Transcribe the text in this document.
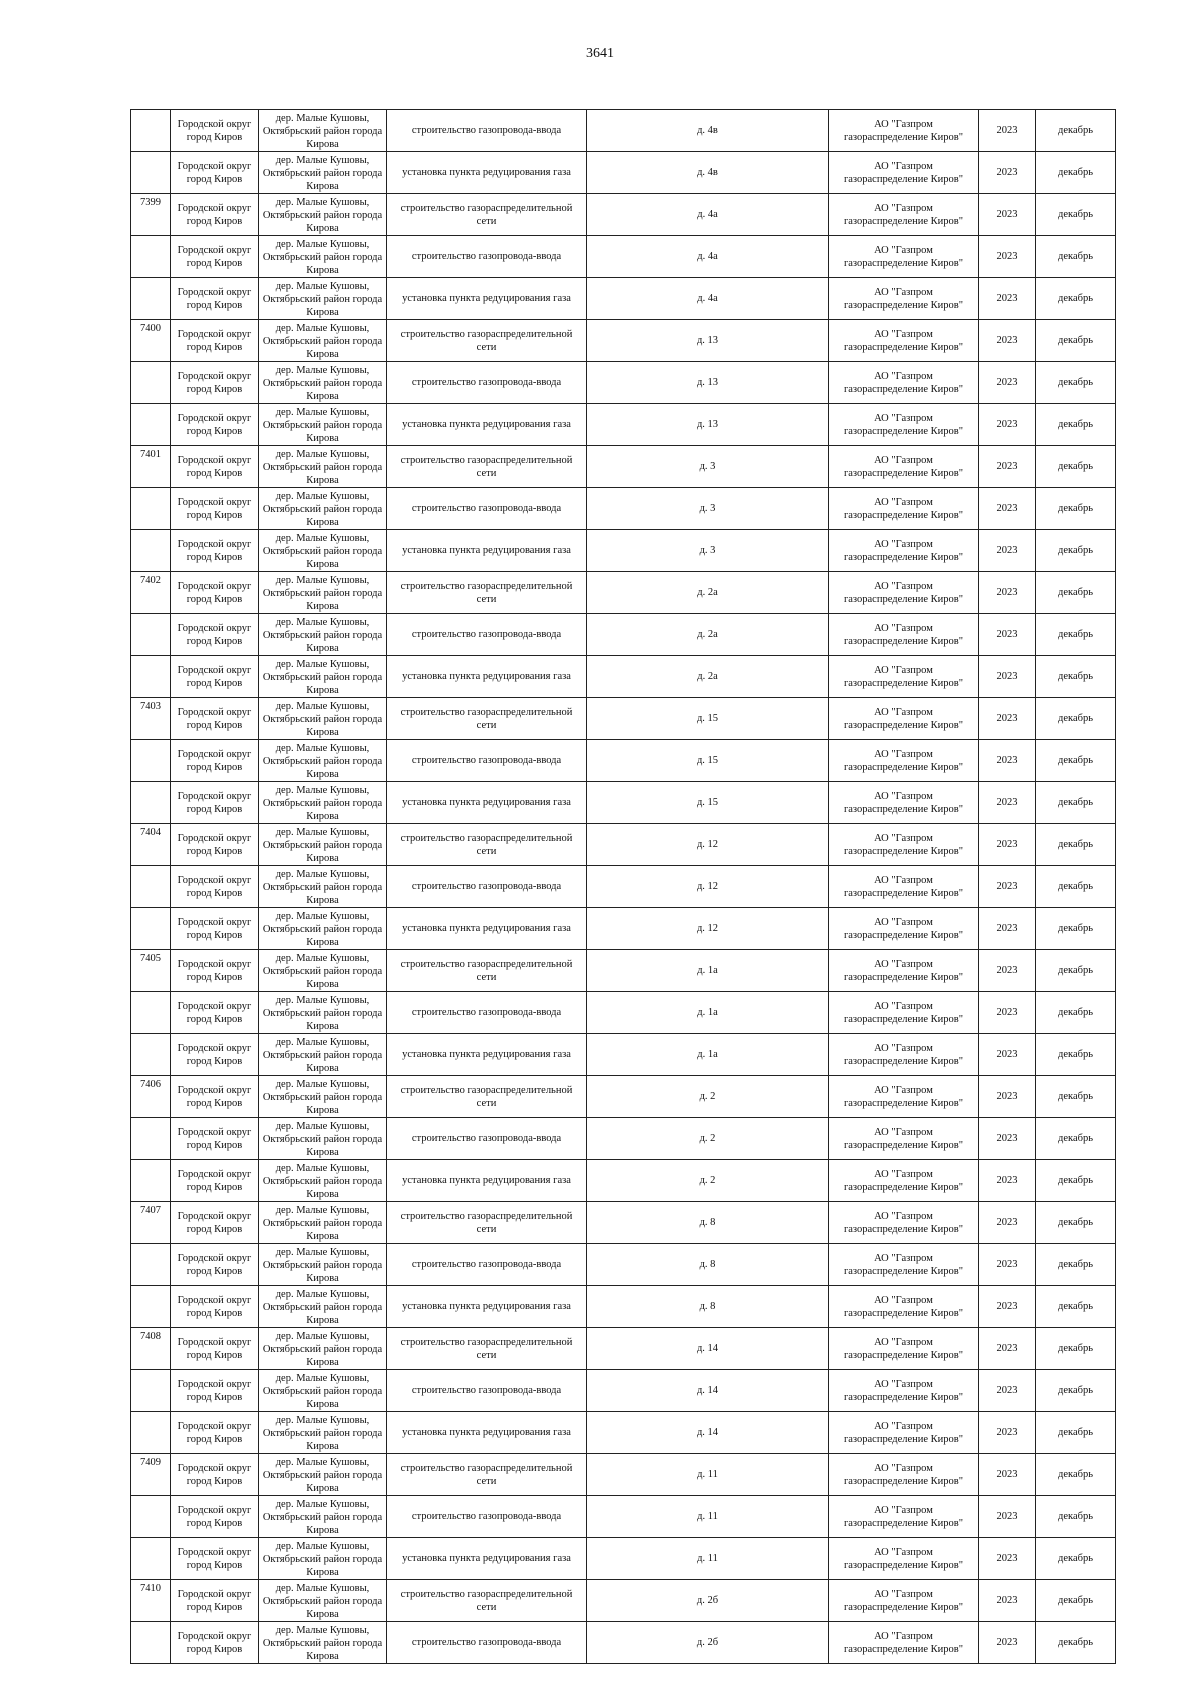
3641

	Городской округ город Киров	дер. Малые Кушовы, Октябрьский район города Кирова	строительство газопровода-ввода	д. 4в	АО "Газпром газораспределение Киров"	2023	декабрь

	Городской округ город Киров	дер. Малые Кушовы, Октябрьский район города Кирова	установка пункта редуцирования газа	д. 4в	АО "Газпром газораспределение Киров"	2023	декабрь

7399	Городской округ город Киров	дер. Малые Кушовы, Октябрьский район города Кирова	строительство газораспределительной сети	д. 4а	АО "Газпром газораспределение Киров"	2023	декабрь

	Городской округ город Киров	дер. Малые Кушовы, Октябрьский район города Кирова	строительство газопровода-ввода	д. 4а	АО "Газпром газораспределение Киров"	2023	декабрь

	Городской округ город Киров	дер. Малые Кушовы, Октябрьский район города Кирова	установка пункта редуцирования газа	д. 4а	АО "Газпром газораспределение Киров"	2023	декабрь

7400	Городской округ город Киров	дер. Малые Кушовы, Октябрьский район города Кирова	строительство газораспределительной сети	д. 13	АО "Газпром газораспределение Киров"	2023	декабрь

	Городской округ город Киров	дер. Малые Кушовы, Октябрьский район города Кирова	строительство газопровода-ввода	д. 13	АО "Газпром газораспределение Киров"	2023	декабрь

	Городской округ город Киров	дер. Малые Кушовы, Октябрьский район города Кирова	установка пункта редуцирования газа	д. 13	АО "Газпром газораспределение Киров"	2023	декабрь

7401	Городской округ город Киров	дер. Малые Кушовы, Октябрьский район города Кирова	строительство газораспределительной сети	д. 3	АО "Газпром газораспределение Киров"	2023	декабрь

	Городской округ город Киров	дер. Малые Кушовы, Октябрьский район города Кирова	строительство газопровода-ввода	д. 3	АО "Газпром газораспределение Киров"	2023	декабрь

	Городской округ город Киров	дер. Малые Кушовы, Октябрьский район города Кирова	установка пункта редуцирования газа	д. 3	АО "Газпром газораспределение Киров"	2023	декабрь

7402	Городской округ город Киров	дер. Малые Кушовы, Октябрьский район города Кирова	строительство газораспределительной сети	д. 2а	АО "Газпром газораспределение Киров"	2023	декабрь

	Городской округ город Киров	дер. Малые Кушовы, Октябрьский район города Кирова	строительство газопровода-ввода	д. 2а	АО "Газпром газораспределение Киров"	2023	декабрь

	Городской округ город Киров	дер. Малые Кушовы, Октябрьский район города Кирова	установка пункта редуцирования газа	д. 2а	АО "Газпром газораспределение Киров"	2023	декабрь

7403	Городской округ город Киров	дер. Малые Кушовы, Октябрьский район города Кирова	строительство газораспределительной сети	д. 15	АО "Газпром газораспределение Киров"	2023	декабрь

	Городской округ город Киров	дер. Малые Кушовы, Октябрьский район города Кирова	строительство газопровода-ввода	д. 15	АО "Газпром газораспределение Киров"	2023	декабрь

	Городской округ город Киров	дер. Малые Кушовы, Октябрьский район города Кирова	установка пункта редуцирования газа	д. 15	АО "Газпром газораспределение Киров"	2023	декабрь

7404	Городской округ город Киров	дер. Малые Кушовы, Октябрьский район города Кирова	строительство газораспределительной сети	д. 12	АО "Газпром газораспределение Киров"	2023	декабрь

	Городской округ город Киров	дер. Малые Кушовы, Октябрьский район города Кирова	строительство газопровода-ввода	д. 12	АО "Газпром газораспределение Киров"	2023	декабрь

	Городской округ город Киров	дер. Малые Кушовы, Октябрьский район города Кирова	установка пункта редуцирования газа	д. 12	АО "Газпром газораспределение Киров"	2023	декабрь

7405	Городской округ город Киров	дер. Малые Кушовы, Октябрьский район города Кирова	строительство газораспределительной сети	д. 1а	АО "Газпром газораспределение Киров"	2023	декабрь

	Городской округ город Киров	дер. Малые Кушовы, Октябрьский район города Кирова	строительство газопровода-ввода	д. 1а	АО "Газпром газораспределение Киров"	2023	декабрь

	Городской округ город Киров	дер. Малые Кушовы, Октябрьский район города Кирова	установка пункта редуцирования газа	д. 1а	АО "Газпром газораспределение Киров"	2023	декабрь

7406	Городской округ город Киров	дер. Малые Кушовы, Октябрьский район города Кирова	строительство газораспределительной сети	д. 2	АО "Газпром газораспределение Киров"	2023	декабрь

	Городской округ город Киров	дер. Малые Кушовы, Октябрьский район города Кирова	строительство газопровода-ввода	д. 2	АО "Газпром газораспределение Киров"	2023	декабрь

	Городской округ город Киров	дер. Малые Кушовы, Октябрьский район города Кирова	установка пункта редуцирования газа	д. 2	АО "Газпром газораспределение Киров"	2023	декабрь

7407	Городской округ город Киров	дер. Малые Кушовы, Октябрьский район города Кирова	строительство газораспределительной сети	д. 8	АО "Газпром газораспределение Киров"	2023	декабрь

	Городской округ город Киров	дер. Малые Кушовы, Октябрьский район города Кирова	строительство газопровода-ввода	д. 8	АО "Газпром газораспределение Киров"	2023	декабрь

	Городской округ город Киров	дер. Малые Кушовы, Октябрьский район города Кирова	установка пункта редуцирования газа	д. 8	АО "Газпром газораспределение Киров"	2023	декабрь

7408	Городской округ город Киров	дер. Малые Кушовы, Октябрьский район города Кирова	строительство газораспределительной сети	д. 14	АО "Газпром газораспределение Киров"	2023	декабрь

	Городской округ город Киров	дер. Малые Кушовы, Октябрьский район города Кирова	строительство газопровода-ввода	д. 14	АО "Газпром газораспределение Киров"	2023	декабрь

	Городской округ город Киров	дер. Малые Кушовы, Октябрьский район города Кирова	установка пункта редуцирования газа	д. 14	АО "Газпром газораспределение Киров"	2023	декабрь

7409	Городской округ город Киров	дер. Малые Кушовы, Октябрьский район города Кирова	строительство газораспределительной сети	д. 11	АО "Газпром газораспределение Киров"	2023	декабрь

	Городской округ город Киров	дер. Малые Кушовы, Октябрьский район города Кирова	строительство газопровода-ввода	д. 11	АО "Газпром газораспределение Киров"	2023	декабрь

	Городской округ город Киров	дер. Малые Кушовы, Октябрьский район города Кирова	установка пункта редуцирования газа	д. 11	АО "Газпром газораспределение Киров"	2023	декабрь

7410	Городской округ город Киров	дер. Малые Кушовы, Октябрьский район города Кирова	строительство газораспределительной сети	д. 2б	АО "Газпром газораспределение Киров"	2023	декабрь

	Городской округ город Киров	дер. Малые Кушовы, Октябрьский район города Кирова	строительство газопровода-ввода	д. 2б	АО "Газпром газораспределение Киров"	2023	декабрь
